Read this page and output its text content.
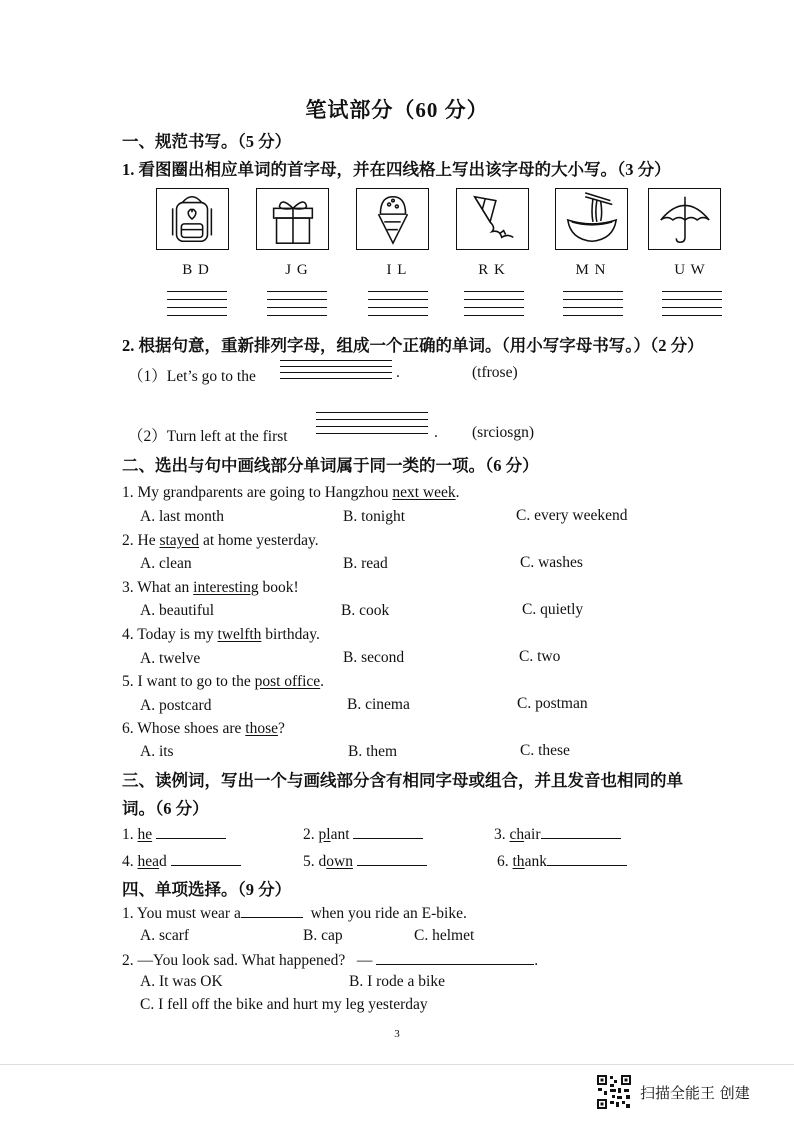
笔试部分（60 分）
一、规范书写。（5 分）
1. 看图圈出相应单词的首字母，并在四线格上写出该字母的大小写。（3 分）
B D	J G	I L	R K	M N	U W
2. 根据句意，重新排列字母，组成一个正确的单词。（用小写字母书写。）（2 分）
（1）Let’s go to the	.	(tfrose)
（2）Turn left at the first	. (srciosgn)
二、选出与句中画线部分单词属于同一类的一项。（6 分）
1. My grandparents are going to Hangzhou next week.
A. last month	B. tonight	C. every weekend
2. He stayed at home yesterday.
A. clean	B. read	C. washes
3. What an interesting book!
A. beautiful	B. cook	C. quietly
4. Today is my twelfth birthday.
A. twelve	B. second	C. two
5. I want to go to the post office.
A. postcard	B. cinema	C. postman
6. Whose shoes are those?
A. its	B. them	C. these
三、读例词，写出一个与画线部分含有相同字母或组合，并且发音也相同的单
词。（6 分）
1. he	2. plant	3. chair
4. head	5. down	6. thank
四、单项选择。（9 分）
1. You must wear a	when you ride an E-bike.
A. scarf	B. cap	C. helmet
2. —You look sad. What happened? —	.
A. It was OK	B. I rode a bike
C. I fell off the bike and hurt my leg yesterday
3
扫描全能王 创建
